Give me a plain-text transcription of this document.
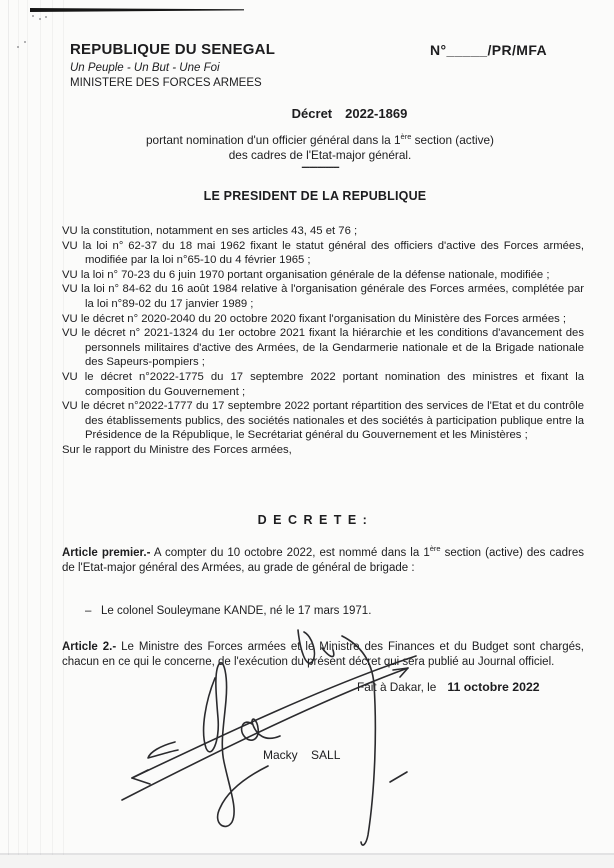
REPUBLIQUE DU SENEGAL
Un Peuple - Un But - Une Foi
MINISTERE DES FORCES ARMEES
N°_____/PR/MFA
Décret 2022-1869
portant nomination d'un officier général dans la 1ère section (active)
des cadres de l'Etat-major général.
--------------
LE PRESIDENT DE LA REPUBLIQUE
VU la constitution, notamment en ses articles 43, 45 et 76 ;
VU la loi n° 62-37 du 18 mai 1962 fixant le statut général des officiers d'active des Forces armées, modifiée par la loi n°65-10 du 4 février 1965 ;
VU la loi n° 70-23 du 6 juin 1970 portant organisation générale de la défense nationale, modifiée ;
VU la loi n° 84-62 du 16 août 1984 relative à l'organisation générale des Forces armées, complétée par la loi n°89-02 du 17 janvier 1989 ;
VU le décret n° 2020-2040 du 20 octobre 2020 fixant l'organisation du Ministère des Forces armées ;
VU le décret n° 2021-1324 du 1er octobre 2021 fixant la hiérarchie et les conditions d'avancement des personnels militaires d'active des Armées, de la Gendarmerie nationale et de la Brigade nationale des Sapeurs-pompiers ;
VU le décret n°2022-1775 du 17 septembre 2022 portant nomination des ministres et fixant la composition du Gouvernement ;
VU le décret n°2022-1777 du 17 septembre 2022 portant répartition des services de l'Etat et du contrôle des établissements publics, des sociétés nationales et des sociétés à participation publique entre la Présidence de la République, le Secrétariat général du Gouvernement et les Ministères ;
Sur le rapport du Ministre des Forces armées,
D E C R E T E :
Article premier.- A compter du 10 octobre 2022, est nommé dans la 1ère section (active) des cadres de l'Etat-major général des Armées, au grade de général de brigade :
–   Le colonel Souleymane KANDE, né le 17 mars 1971.
Article 2.- Le Ministre des Forces armées et le Ministre des Finances et du Budget sont chargés, chacun en ce qui le concerne, de l'exécution du présent décret qui sera publié au Journal officiel.
Fait à Dakar, le 11 octobre 2022
Macky    SALL
